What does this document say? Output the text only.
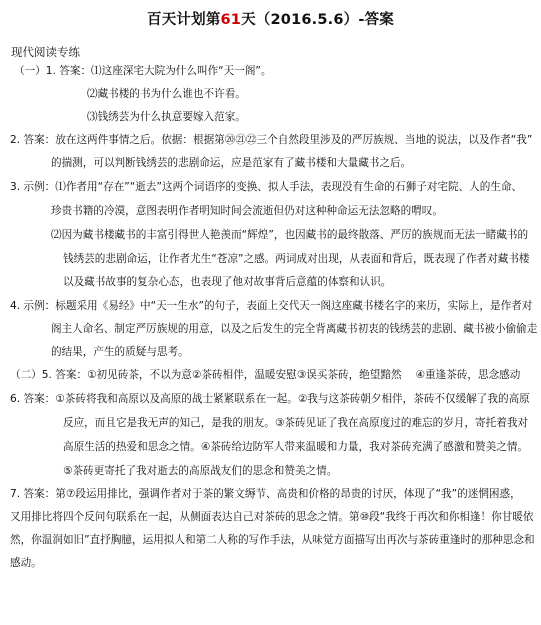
百天计划第61天（2016.5.6）-答案
现代阅读专练
（一）1. 答案：⑴这座深宅大院为什么叫作“天一阁”。
⑵藏书楼的书为什么谁也不许看。
⑶钱绣芸为什么执意要嫁入范家。
2. 答案：放在这两件事情之后。依据：根据第⑳㉑㉒三个自然段里涉及的严厉族规、当地的说法，以及作者“我”
的揣测，可以判断钱绣芸的悲剧命运，应是范家有了藏书楼和大量藏书之后。
3. 示例：⑴作者用“存在”“逝去”这两个词语序的变换、拟人手法，表现没有生命的石狮子对宅院、人的生命、
珍贵书籍的冷漠，意图表明作者明知时间会流逝但仍对这种种命运无法忽略的喟叹。
⑵因为藏书楼藏书的丰富引得世人艳羡而“辉煌”，也因藏书的最终散落、严厉的族规而无法一睹藏书的
钱绣芸的悲剧命运，让作者尤生“苍凉”之感。两词成对出现，从表面和背后，既表现了作者对藏书楼
以及藏书故事的复杂心态，也表现了他对故事背后意蕴的体察和认识。
4. 示例：标题采用《易经》中“天一生水”的句子，表面上交代天一阁这座藏书楼名字的来历，实际上，是作者对
阁主人命名、制定严厉族规的用意，以及之后发生的完全背离藏书初衷的钱绣芸的悲剧、藏书被小偷偷走
的结果，产生的质疑与思考。
（二）5. 答案：①初见砖茶，不以为意②茶砖相伴，温暖安慰③误买茶砖，绝望黯然　 ④重逢茶砖，思念感动
6. 答案：①茶砖将我和高原以及高原的战士紧紧联系在一起。②我与这茶砖朝夕相伴，茶砖不仅缓解了我的高原
反应，而且它是我无声的知己，是我的朋友。③茶砖见证了我在高原度过的难忘的岁月，寄托着我对
高原生活的热爱和思念之情。④茶砖给边防军人带来温暖和力量，我对茶砖充满了感激和赞美之情。
⑤茶砖更寄托了我对逝去的高原战友们的思念和赞美之情。
7. 答案：第⑦段运用排比，强调作者对于茶的繁文缛节、高贵和价格的昂贵的讨厌，体现了“我”的迷惘困惑，
又用排比将四个反问句联系在一起，从侧面表达自己对茶砖的思念之情。第⑩段“我终于再次和你相逢！你甘暖依
然，你温润如旧”直抒胸臆，运用拟人和第二人称的写作手法，从味觉方面描写出再次与茶砖重逢时的那种思念和
感动。
